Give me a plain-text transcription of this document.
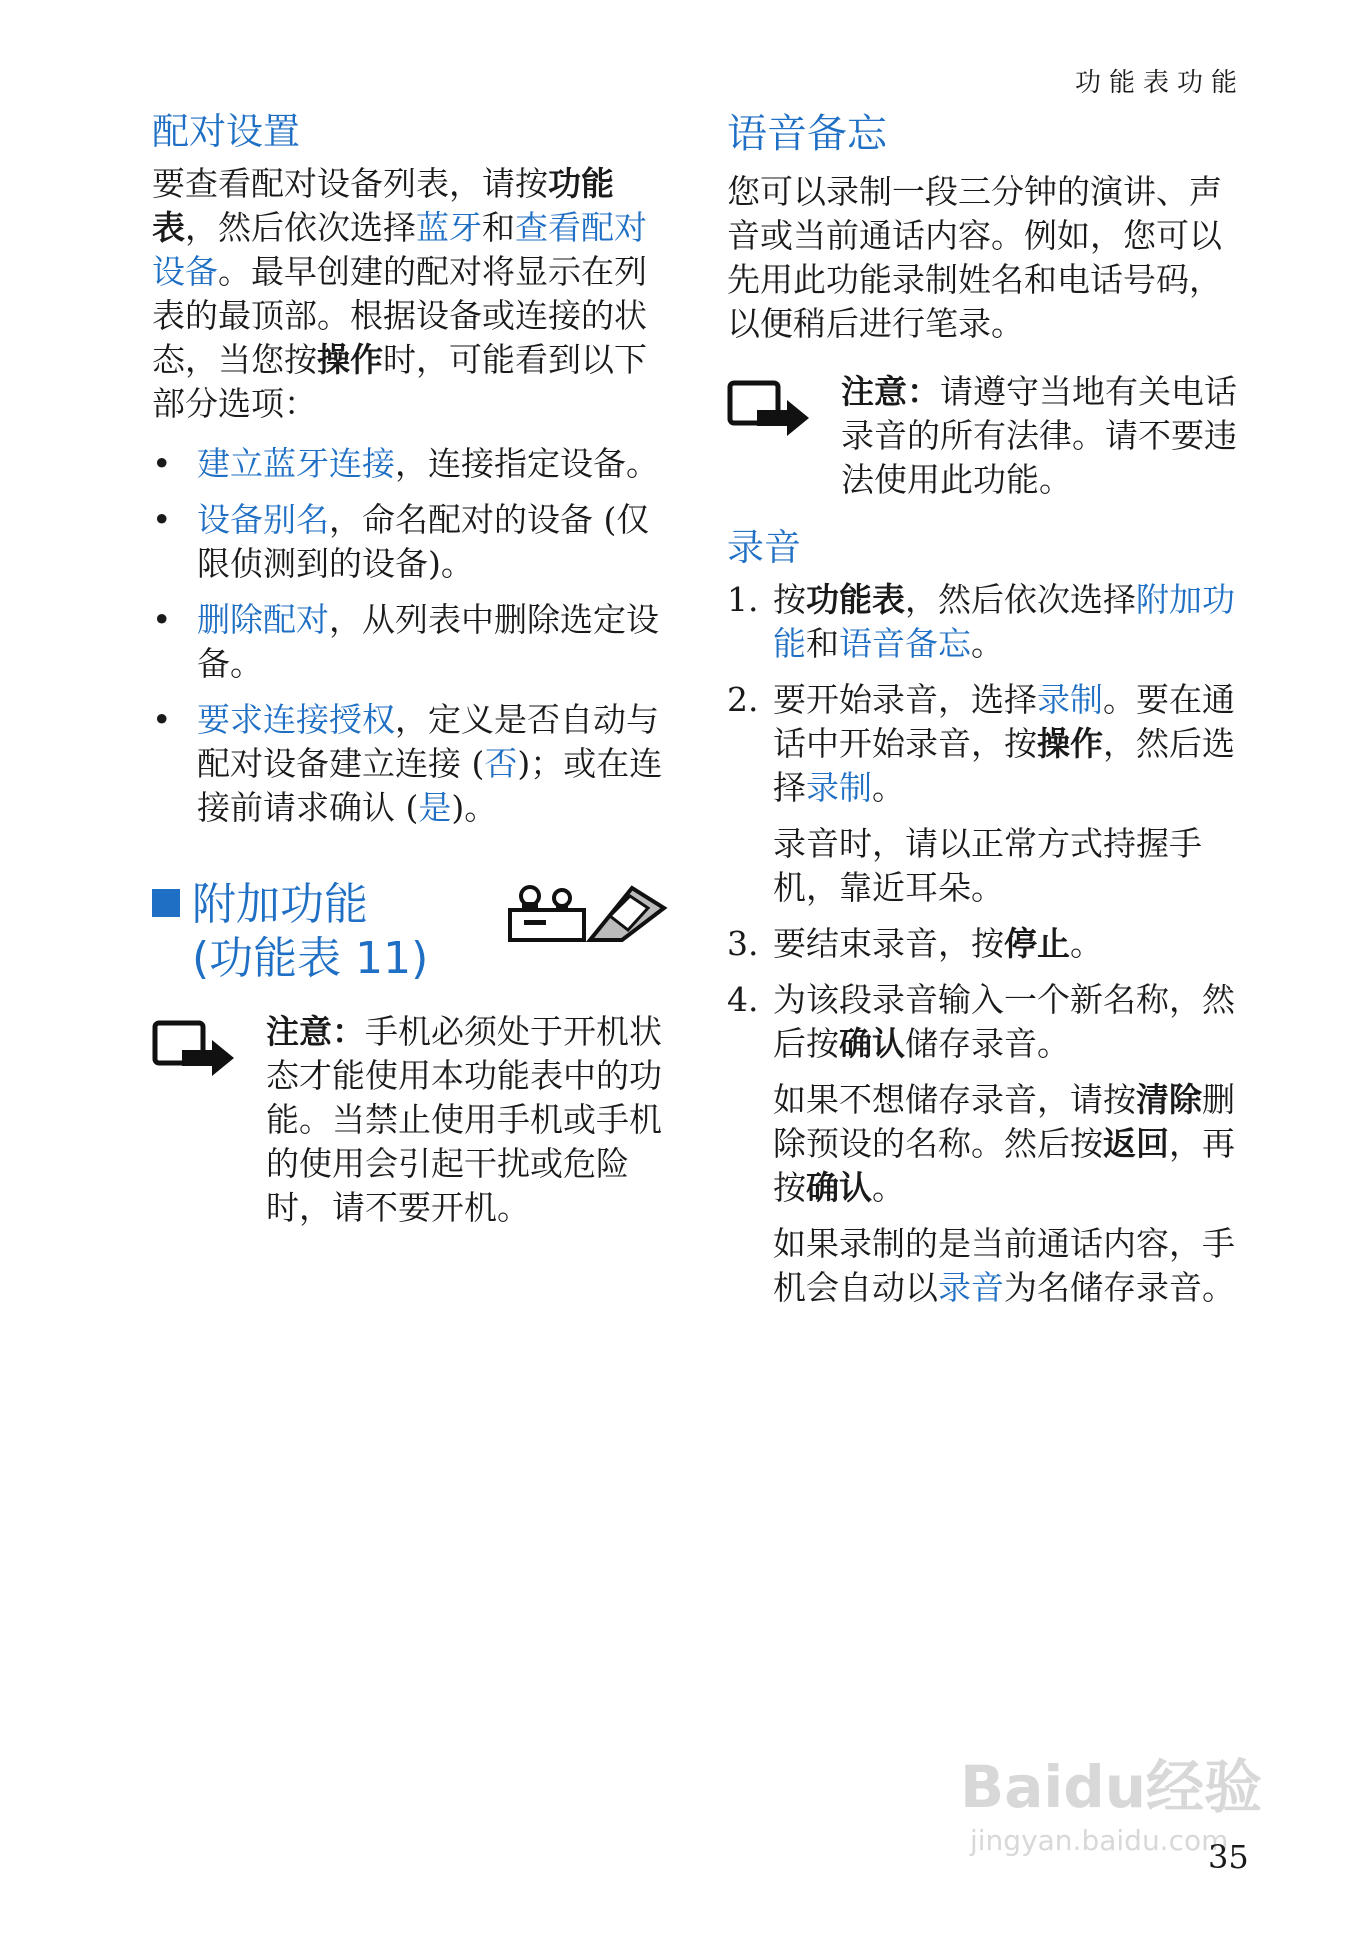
功能表功能
配对设置

要查看配对设备列表，请按功能表，然后依次选择蓝牙和查看配对设备。最早创建的配对将显示在列表的最顶部。根据设备或连接的状态，当您按操作时，可能看到以下部分选项：

• 建立蓝牙连接，连接指定设备。
• 设备别名，命名配对的设备 (仅限侦测到的设备)。
• 删除配对，从列表中删除选定设备。
• 要求连接授权，定义是否自动与配对设备建立连接 (否)；或在连接前请求确认 (是)。
附加功能
(功能表 11)
注意：手机必须处于开机状态才能使用本功能表中的功能。当禁止使用手机或手机的使用会引起干扰或危险时，请不要开机。
语音备忘

您可以录制一段三分钟的演讲、声音或当前通话内容。例如，您可以先用此功能录制姓名和电话号码，以便稍后进行笔录。

注意：请遵守当地有关电话录音的所有法律。请不要违法使用此功能。
录音
1. 按功能表，然后依次选择附加功能和语音备忘。
2. 要开始录音，选择录制。要在通话中开始录音，按操作，然后选择录制。
录音时，请以正常方式持握手机，靠近耳朵。
3. 要结束录音，按停止。
4. 为该段录音输入一个新名称，然后按确认储存录音。
如果不想储存录音，请按清除删除预设的名称。然后按返回，再按确认。
如果录制的是当前通话内容，手机会自动以录音为名储存录音。
Baidu经验
jingyan.baidu.com
35
